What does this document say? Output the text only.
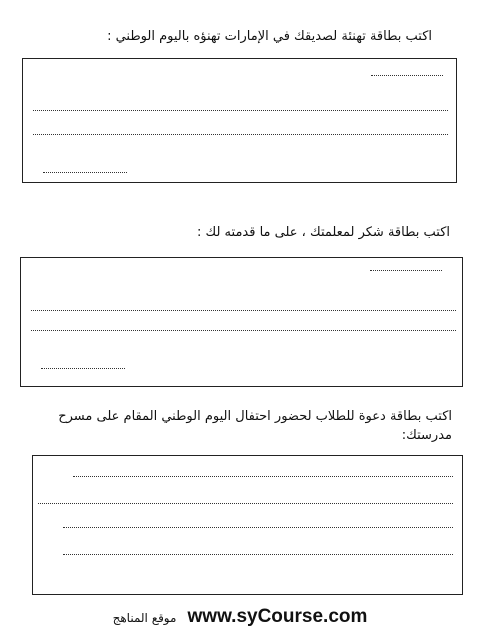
اكتب بطاقة تهنئة لصديقك في الإمارات تهنؤه باليوم الوطني :
اكتب بطاقة شكر لمعلمتك ، على ما قدمته لك :
اكتب بطاقة دعوة للطلاب لحضور احتفال اليوم الوطني المقام على مسرح مدرستك:
موقع المناهج www.syCourse.com
